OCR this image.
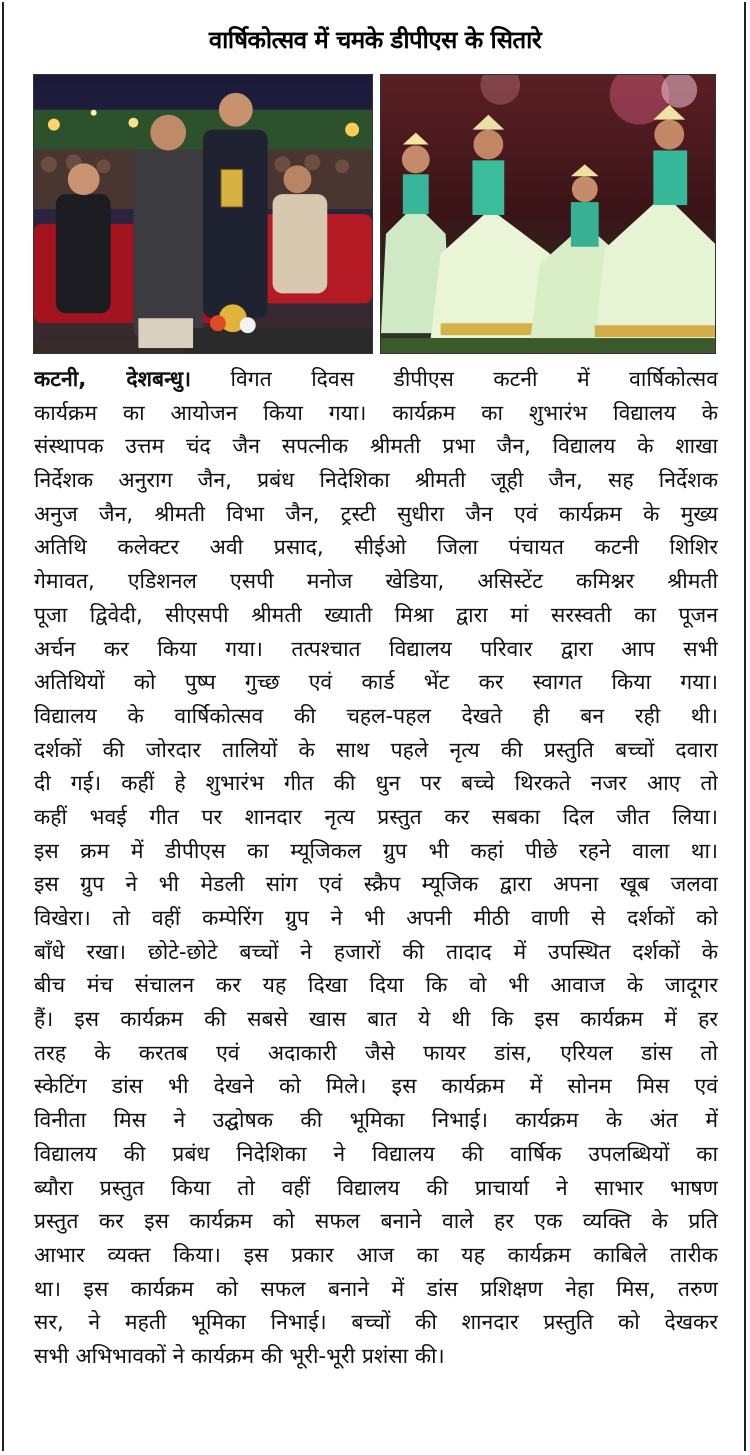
वार्षिकोत्सव में चमके डीपीएस के सितारे
कटनी, देशबन्धु। विगत दिवस डीपीएस कटनी में वार्षिकोत्सव
कार्यक्रम का आयोजन किया गया। कार्यक्रम का शुभारंभ विद्यालय के
संस्थापक उत्तम चंद जैन सपत्नीक श्रीमती प्रभा जैन, विद्यालय के शाखा
निर्देशक अनुराग जैन, प्रबंध निदेशिका श्रीमती जूही जैन, सह निर्देशक
अनुज जैन, श्रीमती विभा जैन, ट्रस्टी सुधीरा जैन एवं कार्यक्रम के मुख्य
अतिथि कलेक्टर अवी प्रसाद, सीईओ जिला पंचायत कटनी शिशिर
गेमावत, एडिशनल एसपी मनोज खेडिया, असिस्टेंट कमिश्नर श्रीमती
पूजा द्विवेदी, सीएसपी श्रीमती ख्याती मिश्रा द्वारा मां सरस्वती का पूजन
अर्चन कर किया गया। तत्पश्चात विद्यालय परिवार द्वारा आप सभी
अतिथियों को पुष्प गुच्छ एवं कार्ड भेंट कर स्वागत किया गया।
विद्यालय के वार्षिकोत्सव की चहल-पहल देखते ही बन रही थी।
दर्शकों की जोरदार तालियों के साथ पहले नृत्य की प्रस्तुति बच्चों दवारा
दी गई। कहीं हे शुभारंभ गीत की धुन पर बच्चे थिरकते नजर आए तो
कहीं भवई गीत पर शानदार नृत्य प्रस्तुत कर सबका दिल जीत लिया।
इस क्रम में डीपीएस का म्यूजिकल ग्रुप भी कहां पीछे रहने वाला था।
इस ग्रुप ने भी मेडली सांग एवं स्क्रैप म्यूजिक द्वारा अपना खूब जलवा
विखेरा। तो वहीं कम्पेरिंग ग्रुप ने भी अपनी मीठी वाणी से दर्शकों को
बाँधे रखा। छोटे-छोटे बच्चों ने हजारों की तादाद में उपस्थित दर्शकों के
बीच मंच संचालन कर यह दिखा दिया कि वो भी आवाज के जादूगर
हैं। इस कार्यक्रम की सबसे खास बात ये थी कि इस कार्यक्रम में हर
तरह के करतब एवं अदाकारी जैसे फायर डांस, एरियल डांस तो
स्केटिंग डांस भी देखने को मिले। इस कार्यक्रम में सोनम मिस एवं
विनीता मिस ने उद्घोषक की भूमिका निभाई। कार्यक्रम के अंत में
विद्यालय की प्रबंध निदेशिका ने विद्यालय की वार्षिक उपलब्धियों का
ब्यौरा प्रस्तुत किया तो वहीं विद्यालय की प्राचार्या ने साभार भाषण
प्रस्तुत कर इस कार्यक्रम को सफल बनाने वाले हर एक व्यक्ति के प्रति
आभार व्यक्त किया। इस प्रकार आज का यह कार्यक्रम काबिले तारीक
था। इस कार्यक्रम को सफल बनाने में डांस प्रशिक्षण नेहा मिस, तरुण
सर, ने महती भूमिका निभाई। बच्चों की शानदार प्रस्तुति को देखकर
सभी अभिभावकों ने कार्यक्रम की भूरी-भूरी प्रशंसा की।
